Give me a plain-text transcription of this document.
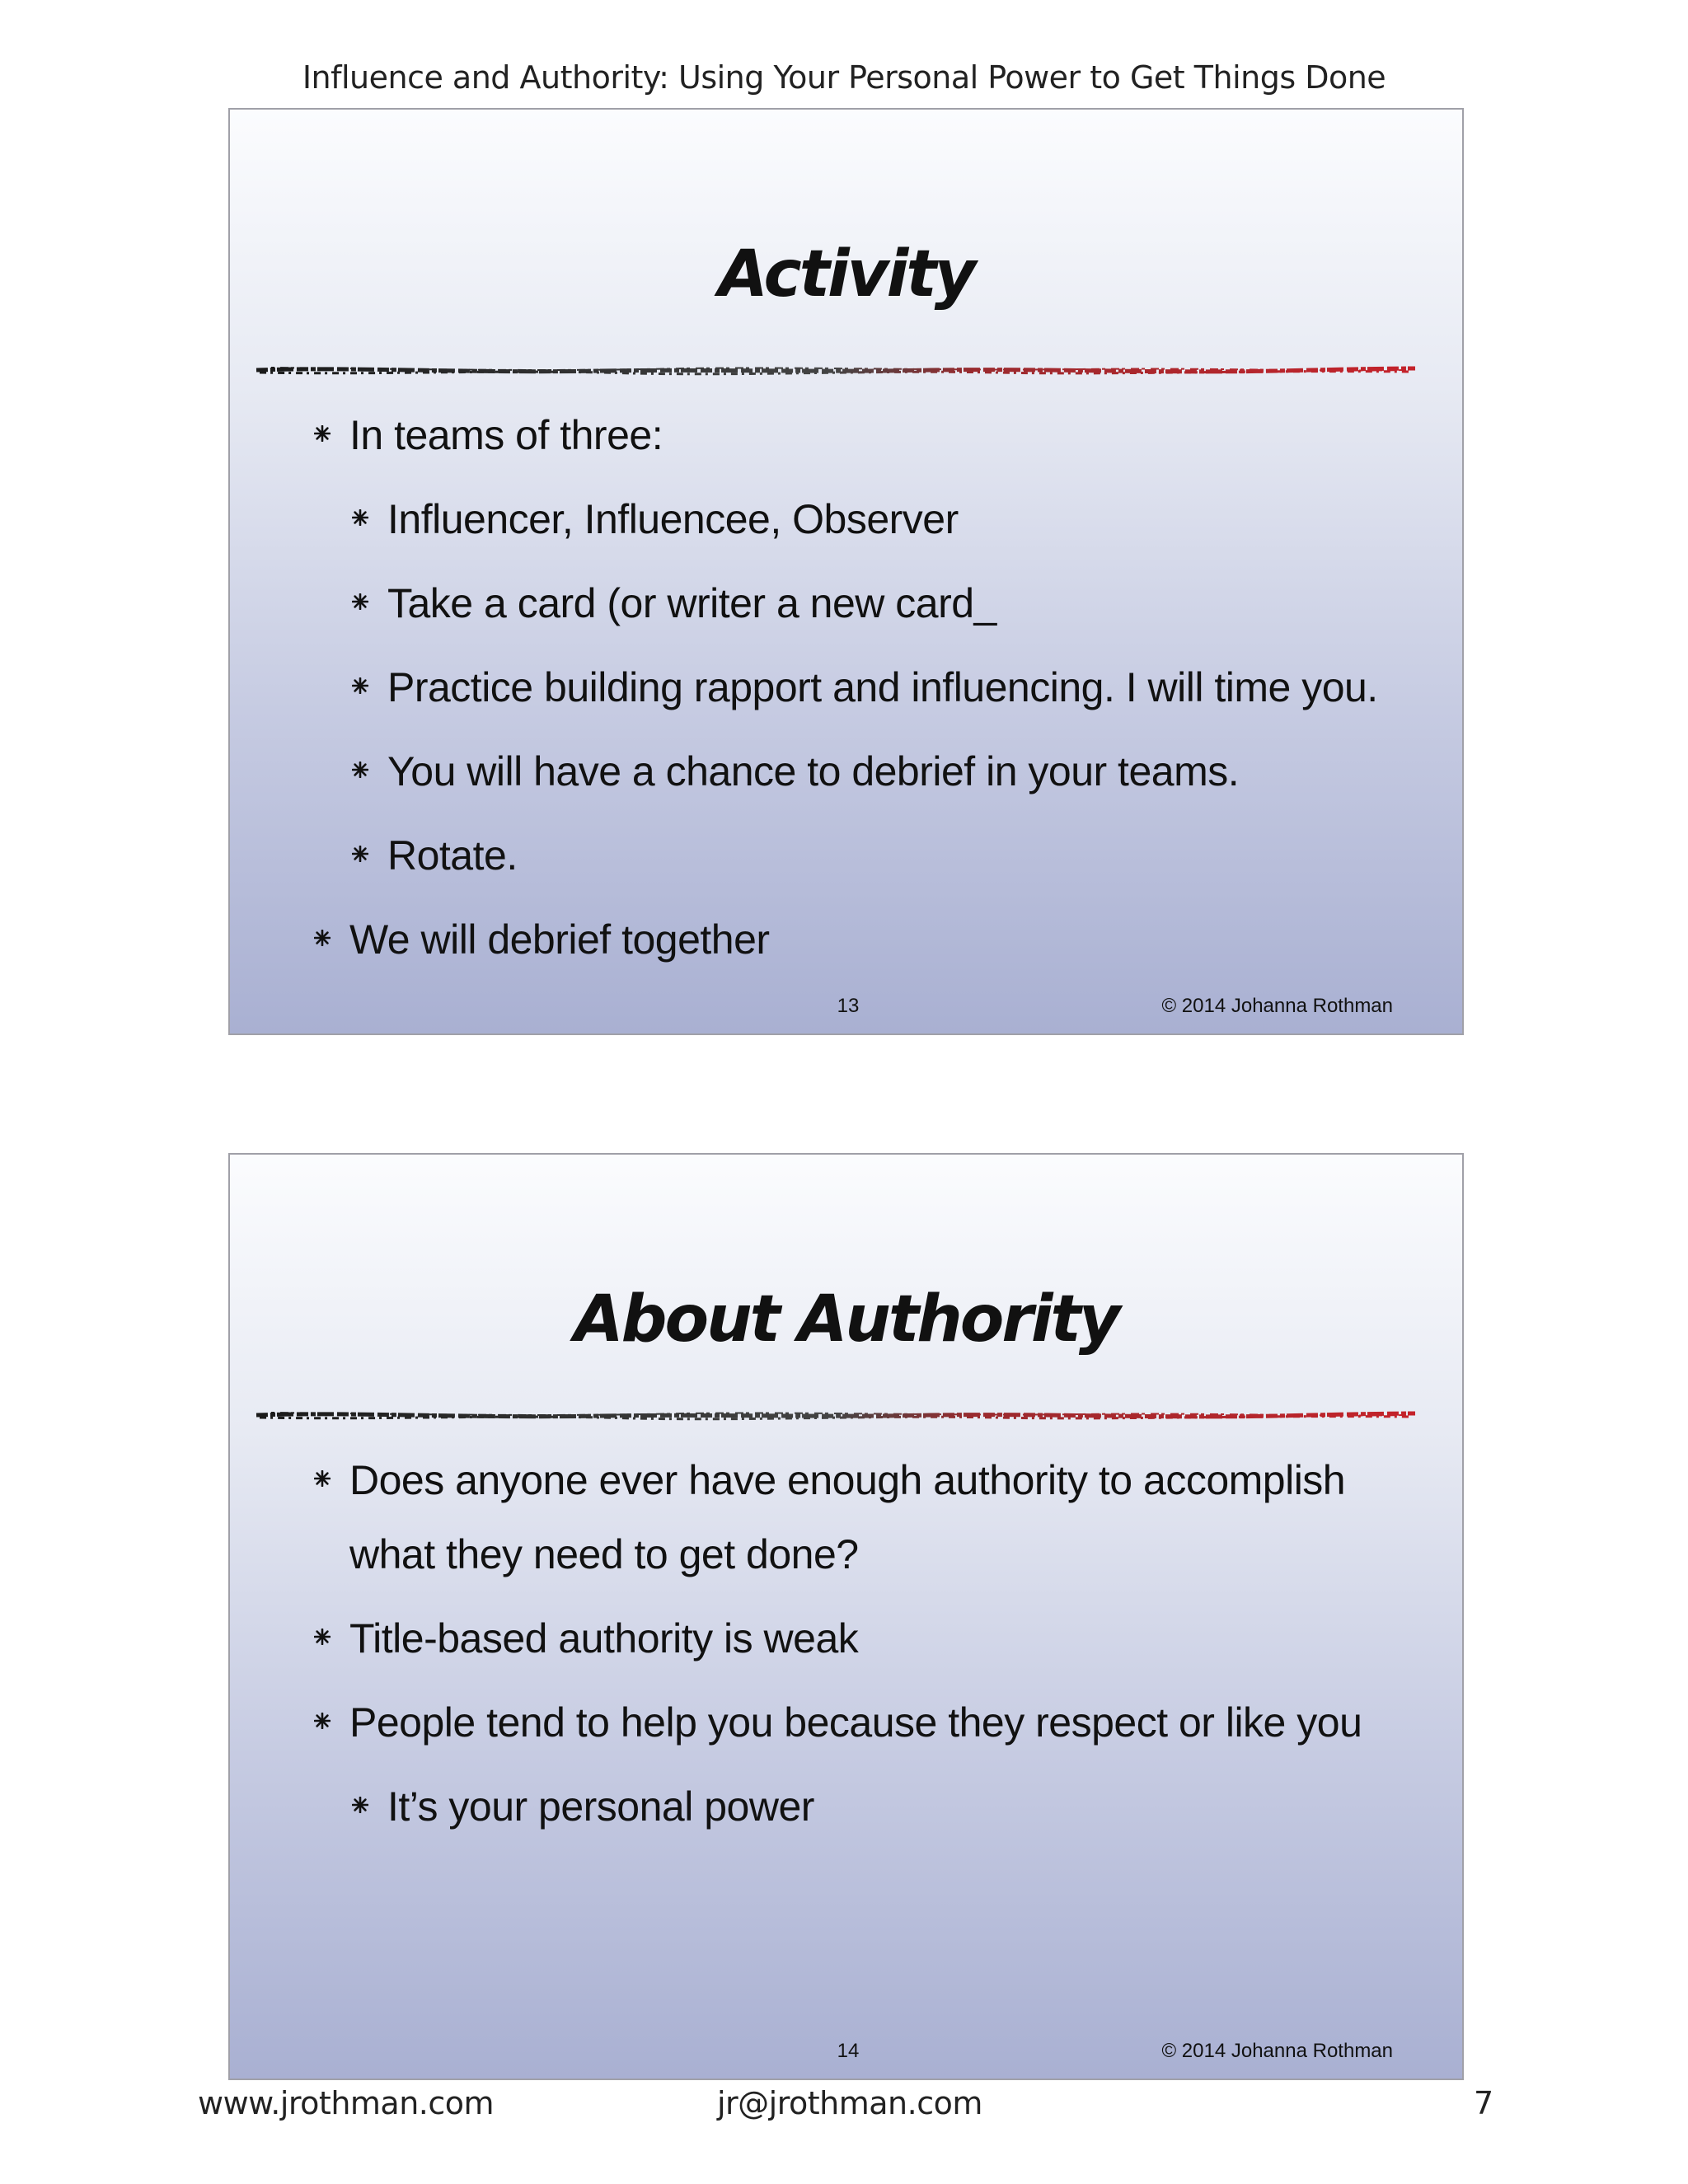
Influence and Authority: Using Your Personal Power to Get Things Done
Activity
In teams of three:
Influencer, Influencee, Observer
Take a card (or writer a new card_
Practice building rapport and influencing. I will time you.
You will have a chance to debrief in your teams.
Rotate.
We will debrief together
13	© 2014 Johanna Rothman
About Authority
Does anyone ever have enough authority to accomplish what they need to get done?
Title-based authority is weak
People tend to help you because they respect or like you
It’s your personal power
14	© 2014 Johanna Rothman
www.jrothman.com	jr@jrothman.com	7
